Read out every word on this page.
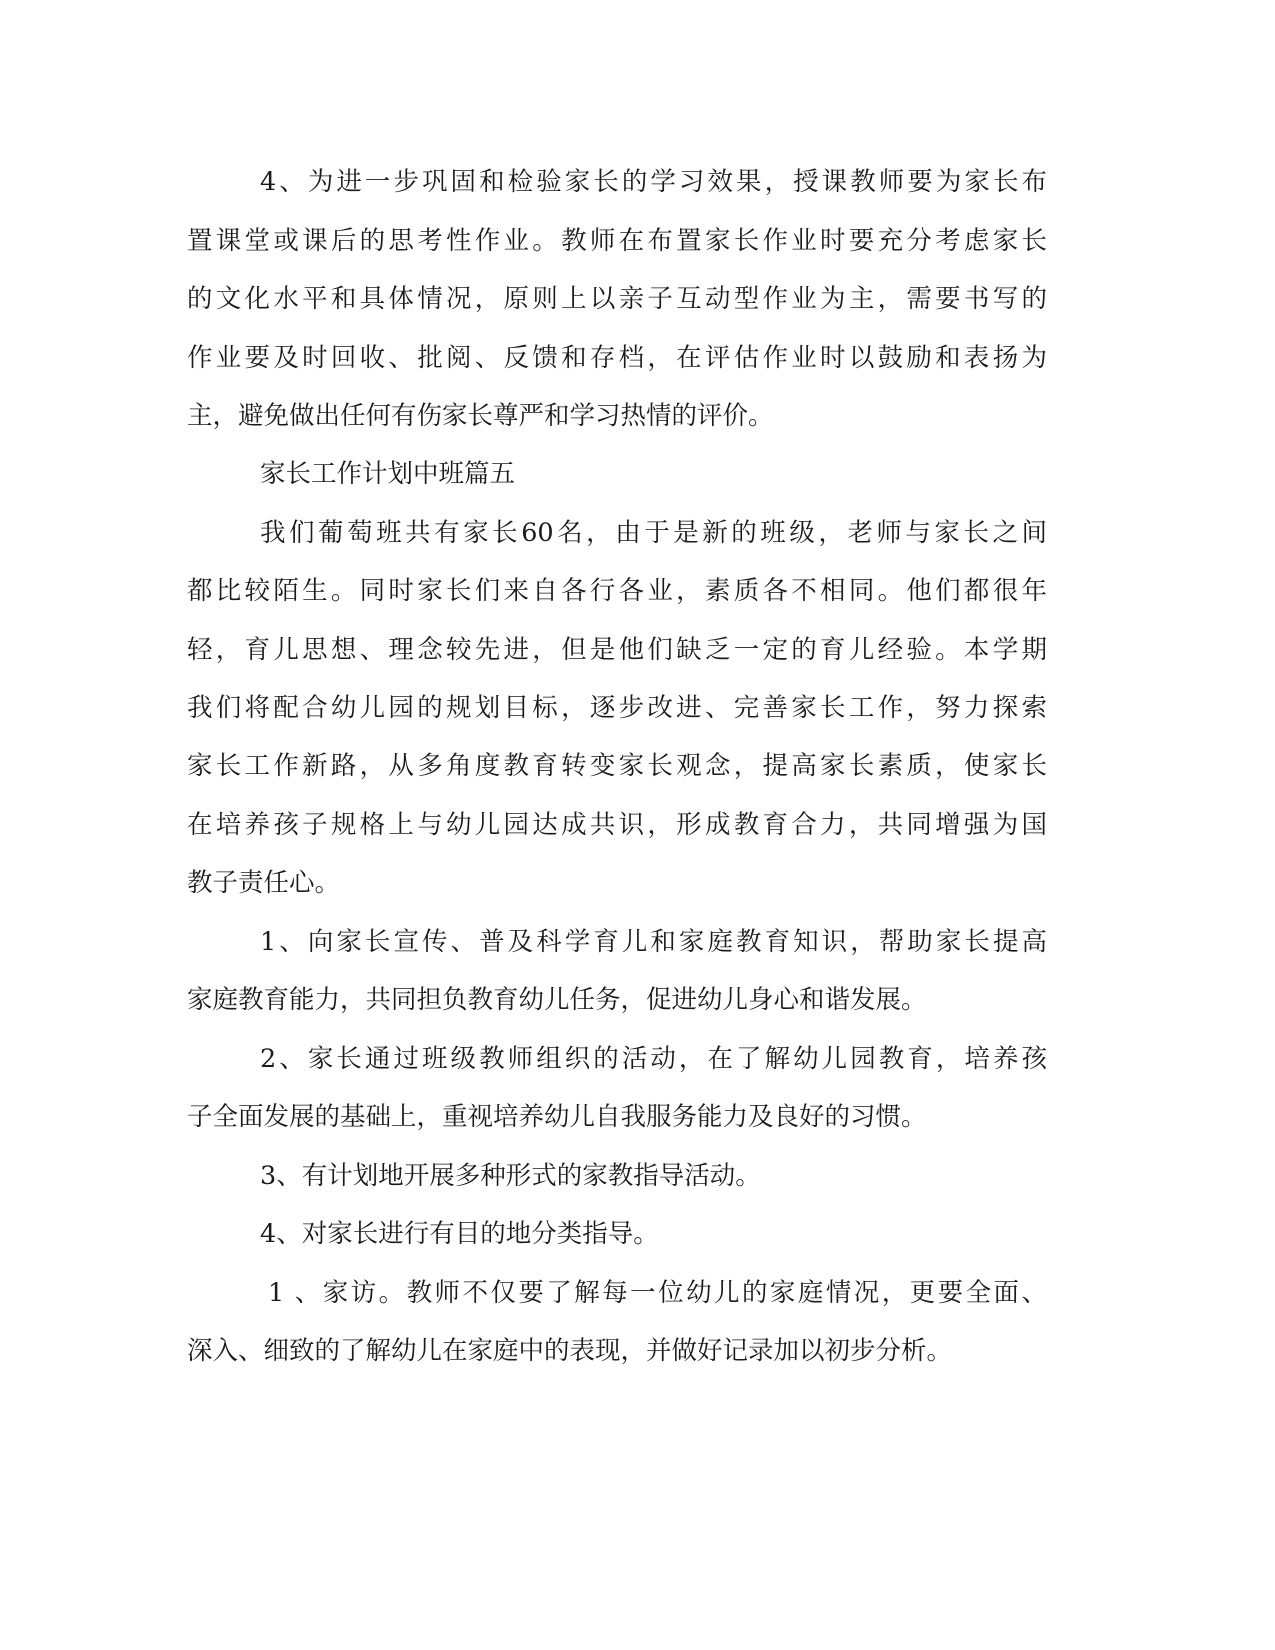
4、为进一步巩固和检验家长的学习效果，授课教师要为家长布

置课堂或课后的思考性作业。教师在布置家长作业时要充分考虑家长

的文化水平和具体情况，原则上以亲子互动型作业为主，需要书写的

作业要及时回收、批阅、反馈和存档，在评估作业时以鼓励和表扬为

主，避免做出任何有伤家长尊严和学习热情的评价。

家长工作计划中班篇五

我们葡萄班共有家长60名，由于是新的班级，老师与家长之间

都比较陌生。同时家长们来自各行各业，素质各不相同。他们都很年

轻，育儿思想、理念较先进，但是他们缺乏一定的育儿经验。本学期

我们将配合幼儿园的规划目标，逐步改进、完善家长工作，努力探索

家长工作新路，从多角度教育转变家长观念，提高家长素质，使家长

在培养孩子规格上与幼儿园达成共识，形成教育合力，共同增强为国

教子责任心。

1、向家长宣传、普及科学育儿和家庭教育知识，帮助家长提高

家庭教育能力，共同担负教育幼儿任务，促进幼儿身心和谐发展。

2、家长通过班级教师组织的活动，在了解幼儿园教育，培养孩

子全面发展的基础上，重视培养幼儿自我服务能力及良好的习惯。

3、有计划地开展多种形式的家教指导活动。

4、对家长进行有目的地分类指导。

1 、家访。教师不仅要了解每一位幼儿的家庭情况，更要全面、

深入、细致的了解幼儿在家庭中的表现，并做好记录加以初步分析。
